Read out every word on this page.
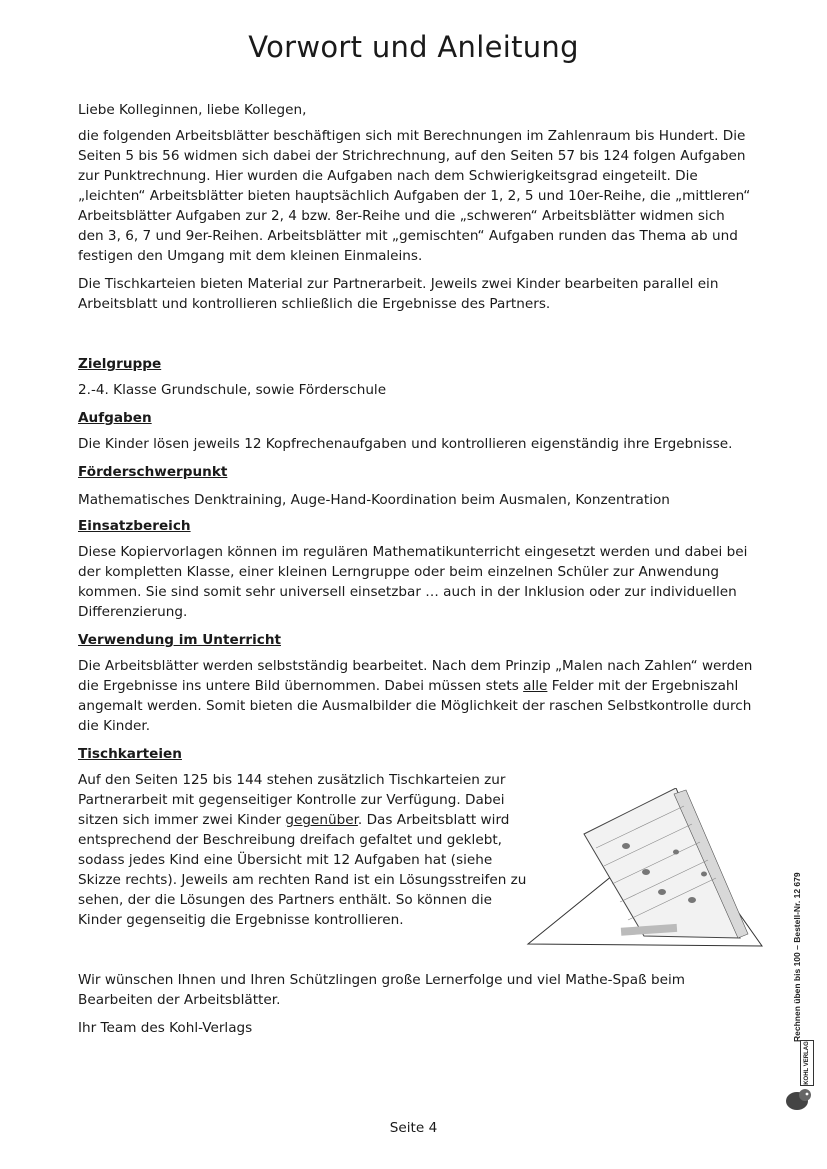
Vorwort und Anleitung

Liebe Kolleginnen, liebe Kollegen,

die folgenden Arbeitsblätter beschäftigen sich mit Berechnungen im Zahlenraum bis Hundert. Die Seiten 5 bis 56 widmen sich dabei der Strichrechnung, auf den Seiten 57 bis 124 folgen Aufgaben zur Punktrechnung. Hier wurden die Aufgaben nach dem Schwierigkeitsgrad eingeteilt. Die „leichten“ Arbeitsblätter bieten hauptsächlich Aufgaben der 1, 2, 5 und 10er-Reihe, die „mittleren“ Arbeitsblätter Aufgaben zur 2, 4 bzw. 8er-Reihe und die „schweren“ Arbeitsblätter widmen sich den 3, 6, 7 und 9er-Reihen. Arbeitsblätter mit „gemischten“ Aufgaben runden das Thema ab und festigen den Umgang mit dem kleinen Einmaleins.

Die Tischkarteien bieten Material zur Partnerarbeit. Jeweils zwei Kinder bearbeiten parallel ein Arbeitsblatt und kontrollieren schließlich die Ergebnisse des Partners.

Zielgruppe

2.-4. Klasse Grundschule, sowie Förderschule

Aufgaben

Die Kinder lösen jeweils 12 Kopfrechenaufgaben und kontrollieren eigenständig ihre Ergebnisse.

Förderschwerpunkt

Mathematisches Denktraining, Auge-Hand-Koordination beim Ausmalen, Konzentration

Einsatzbereich

Diese Kopiervorlagen können im regulären Mathematikunterricht eingesetzt werden und dabei bei der kompletten Klasse, einer kleinen Lerngruppe oder beim einzelnen Schüler zur Anwendung kommen. Sie sind somit sehr universell einsetzbar … auch in der Inklusion oder zur individuellen Differenzierung.

Verwendung im Unterricht

Die Arbeitsblätter werden selbstständig bearbeitet. Nach dem Prinzip „Malen nach Zahlen“ werden die Ergebnisse ins untere Bild übernommen. Dabei müssen stets alle Felder mit der Ergebniszahl angemalt werden. Somit bieten die Ausmalbilder die Möglichkeit der raschen Selbstkontrolle durch die Kinder.

Tischkarteien

Auf den Seiten 125 bis 144 stehen zusätzlich Tischkarteien zur Partnerarbeit mit gegenseitiger Kontrolle zur Verfügung. Dabei sitzen sich immer zwei Kinder gegenüber. Das Arbeitsblatt wird entsprechend der Beschreibung dreifach gefaltet und geklebt, sodass jedes Kind eine Übersicht mit 12 Aufgaben hat (siehe Skizze rechts). Jeweils am rechten Rand ist ein Lösungsstreifen zu sehen, der die Lösungen des Partners enthält. So können die Kinder gegenseitig die Ergebnisse kontrollieren.

Wir wünschen Ihnen und Ihren Schützlingen große Lernerfolge und viel Mathe-Spaß beim Bearbeiten der Arbeitsblätter.

Ihr Team des Kohl-Verlags	Rechnen üben bis 100 – Bestell-Nr. 12 679
KOHL VERLAG
Seite 4
